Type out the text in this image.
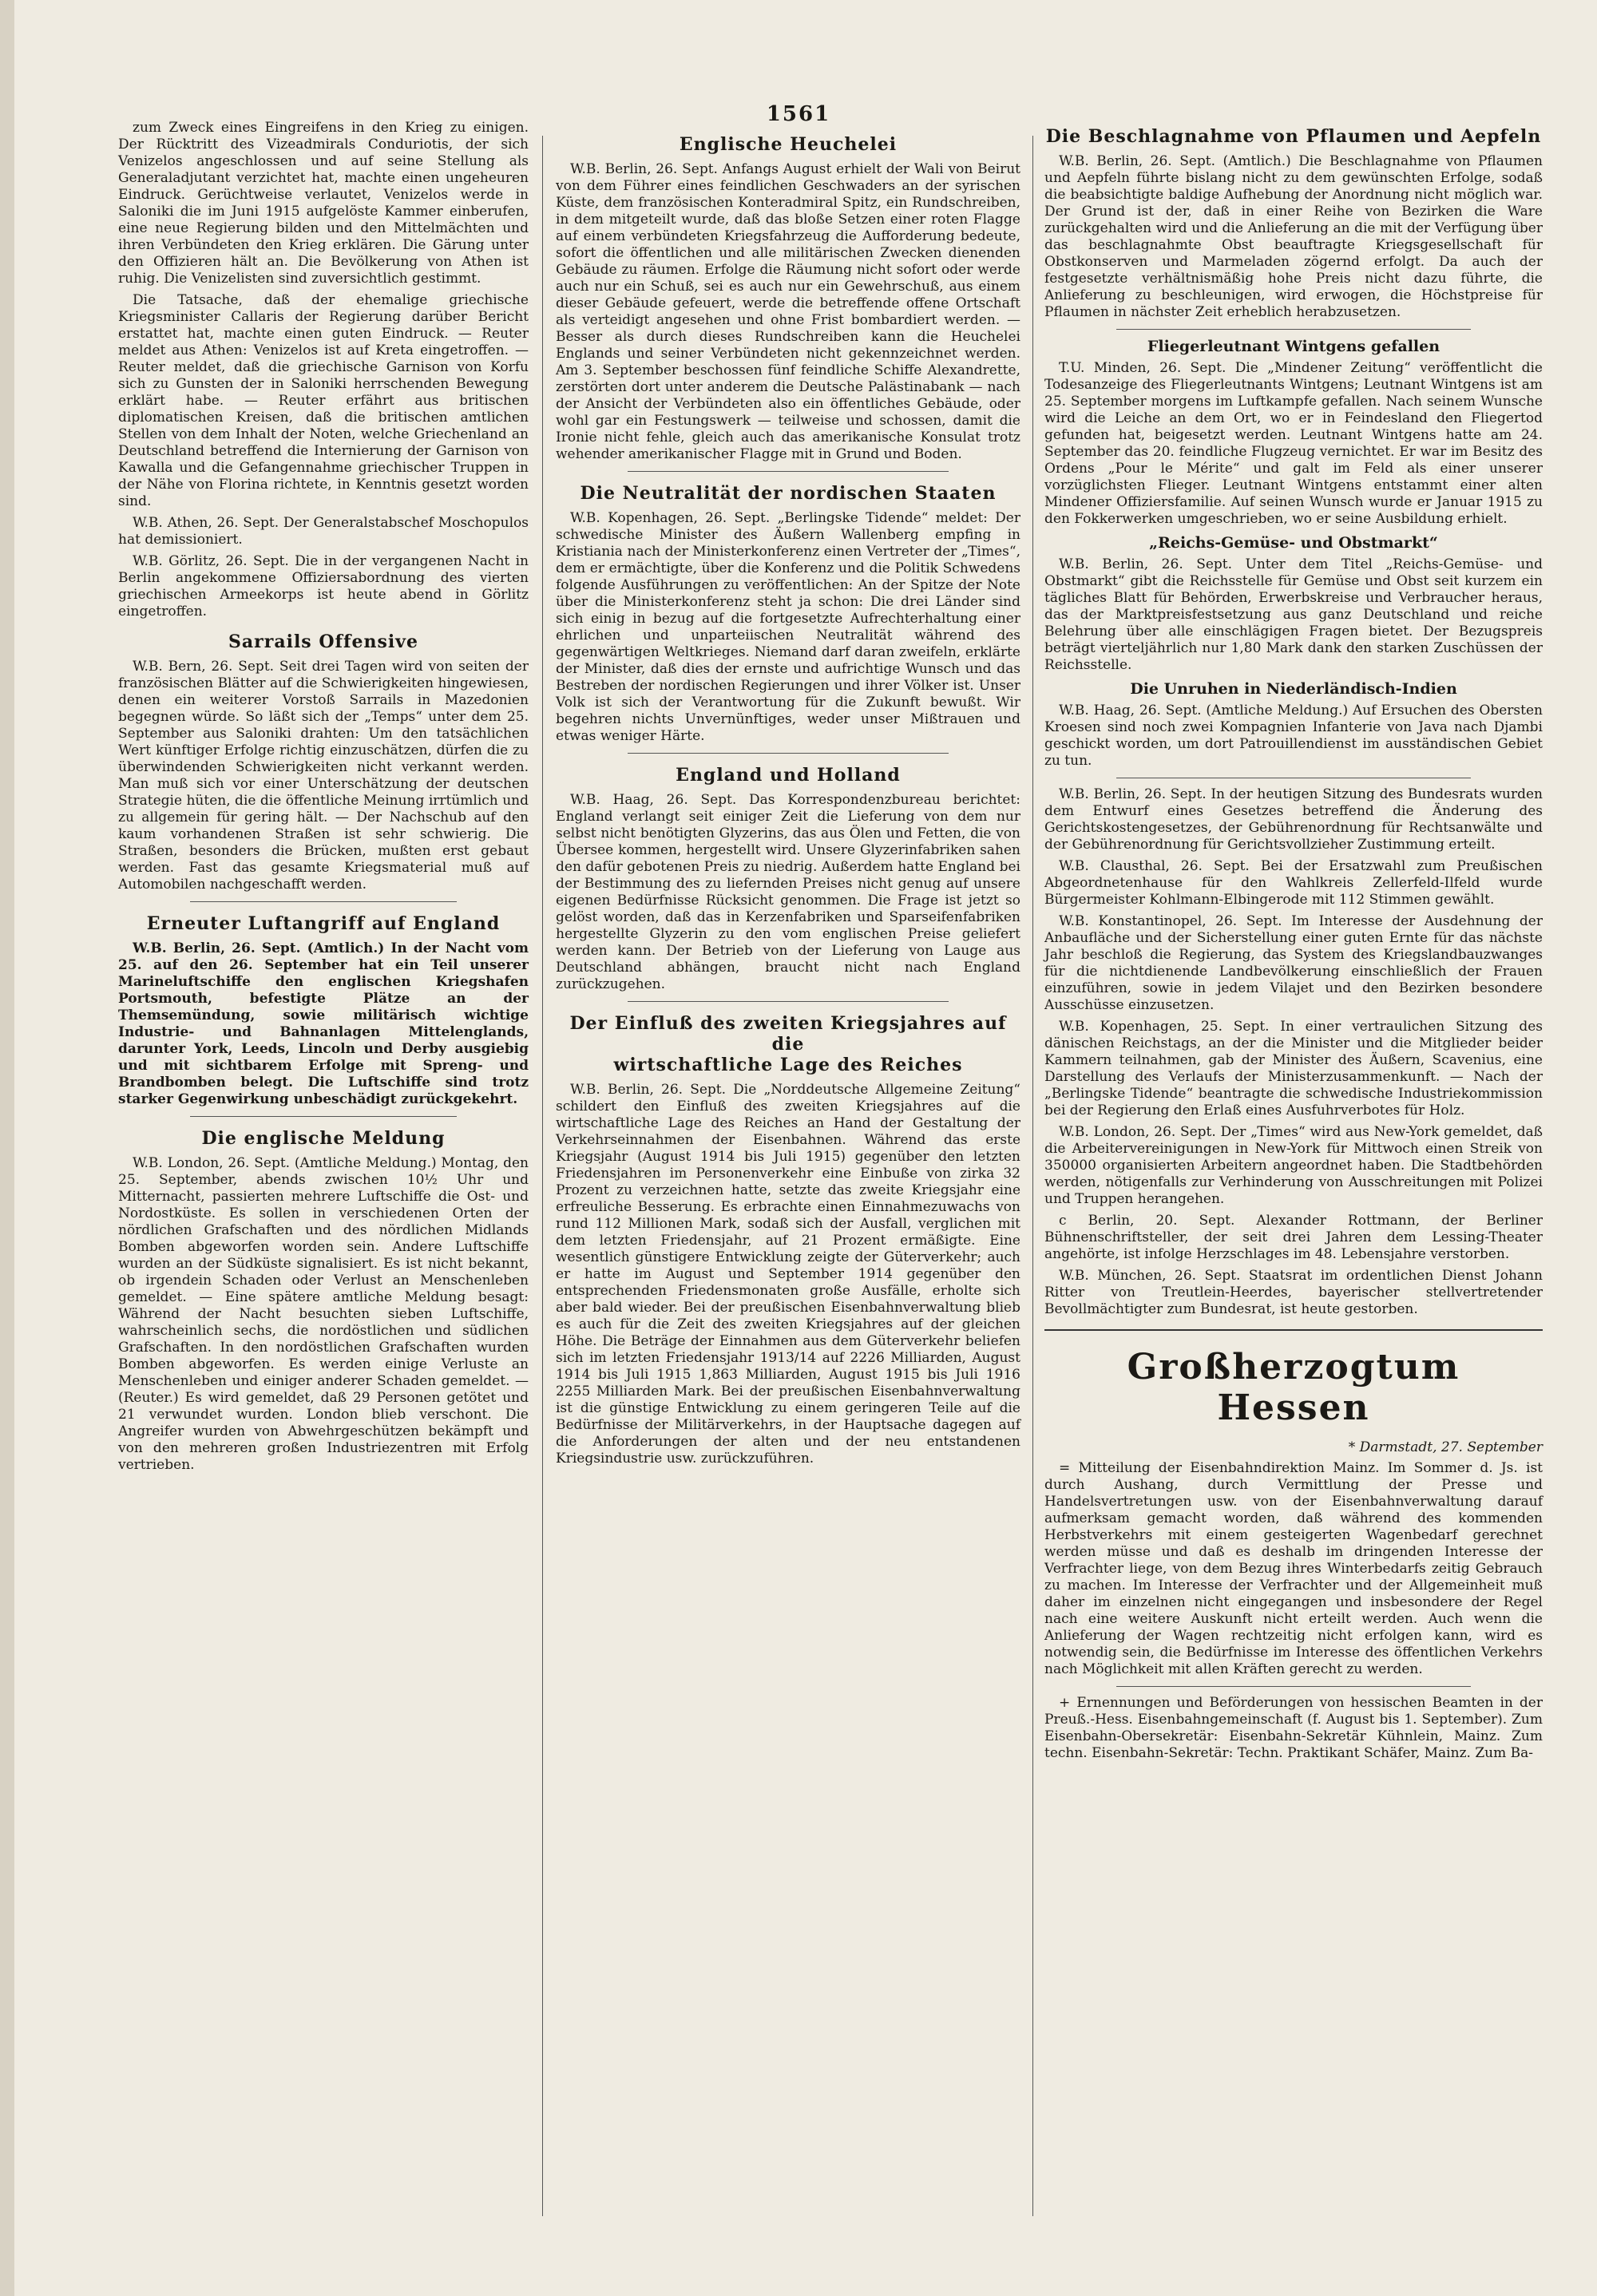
1561

zum Zweck eines Eingreifens in den Krieg zu einigen. Der Rücktritt des Vizeadmirals Condurioti​s, der sich Venizelos angeschlossen und auf seine Stellung als Generaladjutant verzichtet hat, machte einen ungeheuren Eindruck. Gerüchtweise verlautet, Venizelos werde in Saloniki die im Juni 1915 aufgelöste Kammer einberufen, eine neue Regierung bilden und den Mittelmächten und ihren Verbündeten den Krieg erklären. Die Gärung unter den Offizieren hält an. Die Bevölkerung von Athen ist ruhig. Die Venizelisten sind zuversichtlich gestimmt.

Die Tatsache, daß der ehemalige griechische Kriegsminister Callaris der Regierung darüber Bericht erstattet hat, machte einen guten Eindruck. — Reuter meldet aus Athen: Venizelos ist auf Kreta eingetroffen. — Reuter meldet, daß die griechische Garnison von Korfu sich zu Gunsten der in Saloniki herrschenden Bewegung erklärt habe. — Reuter erfährt aus britischen diplomatischen Kreisen, daß die britischen amtlichen Stellen von dem Inhalt der Noten, welche Griechenland an Deutschland betreffend die Internierung der Garnison von Kawalla und die Gefangennahme griechischer Truppen in der Nähe von Florina richtete, in Kenntnis gesetzt worden sind.

W.B. Athen, 26. Sept. Der Generalstabschef Moschopulos hat demissioniert.

W.B. Görlitz, 26. Sept. Die in der vergangenen Nacht in Berlin angekommene Offiziersabordnung des vierten griechischen Armeekorps ist heute abend in Görlitz eingetroffen.

Sarrails Offensive

W.B. Bern, 26. Sept. Seit drei Tagen wird von seiten der französischen Blätter auf die Schwierigkeiten hingewiesen, denen ein weiterer Vorstoß Sarrails in Mazedonien begegnen würde. So läßt sich der „Temps“ unter dem 25. September aus Saloniki drahten: Um den tatsächlichen Wert künftiger Erfolge richtig einzuschätzen, dürfen die zu überwindenden Schwierigkeiten nicht verkannt werden. Man muß sich vor einer Unterschätzung der deutschen Strategie hüten, die die öffentliche Meinung irrtümlich und zu allgemein für gering hält. — Der Nachschub auf den kaum vorhandenen Straßen ist sehr schwierig. Die Straßen, besonders die Brücken, mußten erst gebaut werden. Fast das gesamte Kriegsmaterial muß auf Automobilen nachgeschafft werden.

Erneuter Luftangriff auf England

W.B. Berlin, 26. Sept. (Amtlich.) In der Nacht vom 25. auf den 26. September hat ein Teil unserer Marineluftschiffe den englischen Kriegshafen Portsmouth, befestigte Plätze an der Themsemündung, sowie militärisch wichtige Industrie- und Bahnanlagen Mittelenglands, darunter York, Leeds, Lincoln und Derby ausgiebig und mit sichtbarem Erfolge mit Spreng- und Brandbomben belegt. Die Luftschiffe sind trotz starker Gegenwirkung unbeschädigt zurückgekehrt.

Die englische Meldung

W.B. London, 26. Sept. (Amtliche Meldung.) Montag, den 25. September, abends zwischen 10½ Uhr und Mitternacht, passierten mehrere Luftschiffe die Ost- und Nordostküste. Es sollen in verschiedenen Orten der nördlichen Grafschaften und des nördlichen Midlands Bomben abgeworfen worden sein. Andere Luftschiffe wurden an der Südküste signalisiert. Es ist nicht bekannt, ob irgendein Schaden oder Verlust an Menschenleben gemeldet. — Eine spätere amtliche Meldung besagt: Während der Nacht besuchten sieben Luftschiffe, wahrscheinlich sechs, die nordöstlichen und südlichen Grafschaften. In den nordöstlichen Grafschaften wurden Bomben abgeworfen. Es werden einige Verluste an Menschenleben und einiger anderer Schaden gemeldet. — (Reuter.) Es wird gemeldet, daß 29 Personen getötet und 21 verwundet wurden. London blieb verschont. Die Angreifer wurden von Abwehrgeschützen bekämpft und von den mehreren großen Industriezentren mit Erfolg vertrieben.

Englische Heuchelei

W.B. Berlin, 26. Sept. Anfangs August erhielt der Wali von Beirut von dem Führer eines feindlichen Geschwaders an der syrischen Küste, dem französischen Konteradmiral Spitz, ein Rundschreiben, in dem mitgeteilt wurde, daß das bloße Setzen einer roten Flagge auf einem verbündeten Kriegsfahrzeug die Aufforderung bedeute, sofort die öffentlichen und alle militärischen Zwecken dienenden Gebäude zu räumen. Erfolge die Räumung nicht sofort oder werde auch nur ein Schuß, sei es auch nur ein Gewehrschuß, aus einem dieser Gebäude gefeuert, werde die betreffende offene Ortschaft als verteidigt angesehen und ohne Frist bombardiert werden. — Besser als durch dieses Rundschreiben kann die Heuchelei Englands und seiner Verbündeten nicht gekennzeichnet werden. Am 3. September beschossen fünf feindliche Schiffe Alexandrette, zerstörten dort unter anderem die Deutsche Palästinabank — nach der Ansicht der Verbündeten also ein öffentliches Gebäude, oder wohl gar ein Festungswerk — teilweise und schossen, damit die Ironie nicht fehle, gleich auch das amerikanische Konsulat trotz wehender amerikanischer Flagge mit in Grund und Boden.

Die Neutralität der nordischen Staaten

W.B. Kopenhagen, 26. Sept. „Berlingske Tidende“ meldet: Der schwedische Minister des Äußern Wallenberg empfing in Kristiania nach der Ministerkonferenz einen Vertreter der „Times“, dem er ermächtigte, über die Konferenz und die Politik Schwedens folgende Ausführungen zu veröffentlichen: An der Spitze der Note über die Ministerkonferenz steht ja schon: Die drei Länder sind sich einig in bezug auf die fortgesetzte Aufrechterhaltung einer ehrlichen und unparteiischen Neutralität während des gegenwärtigen Weltkrieges. Niemand darf daran zweifeln, erklärte der Minister, daß dies der ernste und aufrichtige Wunsch und das Bestreben der nordischen Regierungen und ihrer Völker ist. Unser Volk ist sich der Verantwortung für die Zukunft bewußt. Wir begehren nichts Unvernünftiges, weder unser Mißtrauen und etwas weniger Härte.

England und Holland

W.B. Haag, 26. Sept. Das Korrespondenzbureau berichtet: England verlangt seit einiger Zeit die Lieferung von dem nur selbst nicht benötigten Glyzerins, das aus Ölen und Fetten, die von Übersee kommen, hergestellt wird. Unsere Glyzerinfabriken sahen den dafür gebotenen Preis zu niedrig. Außerdem hatte England bei der Bestimmung des zu liefernden Preises nicht genug auf unsere eigenen Bedürfnisse Rücksicht genommen. Die Frage ist jetzt so gelöst worden, daß das in Kerzenfabriken und Sparseifenfabriken hergestellte Glyzerin zu den vom englischen Preise geliefert werden kann. Der Betrieb von der Lieferung von Lauge aus Deutschland abhängen, braucht nicht nach England zurückzugehen.

Der Einfluß des zweiten Kriegsjahres auf die
wirtschaftliche Lage des Reiches

W.B. Berlin, 26. Sept. Die „Norddeutsche Allgemeine Zeitung“ schildert den Einfluß des zweiten Kriegsjahres auf die wirtschaftliche Lage des Reiches an Hand der Gestaltung der Verkehrseinnahmen der Eisenbahnen. Während das erste Kriegsjahr (August 1914 bis Juli 1915) gegenüber den letzten Friedensjahren im Personenverkehr eine Einbuße von zirka 32 Prozent zu verzeichnen hatte, setzte das zweite Kriegsjahr eine erfreuliche Besserung. Es erbrachte einen Einnahmezuwachs von rund 112 Millionen Mark, sodaß sich der Ausfall, verglichen mit dem letzten Friedensjahr, auf 21 Prozent ermäßigte. Eine wesentlich günstigere Entwicklung zeigte der Güterverkehr; auch er hatte im August und September 1914 gegenüber den entsprechenden Friedensmonaten große Ausfälle, erholte sich aber bald wieder. Bei der preußischen Eisenbahnverwaltung blieb es auch für die Zeit des zweiten Kriegsjahres auf der gleichen Höhe. Die Beträge der Einnahmen aus dem Güterverkehr beliefen sich im letzten Friedensjahr 1913/14 auf 2226 Milliarden, August 1914 bis Juli 1915 1,863 Milliarden, August 1915 bis Juli 1916 2255 Milliarden Mark. Bei der preußischen Eisenbahnverwaltung ist die günstige Entwicklung zu einem geringeren Teile auf die Bedürfnisse der Militärverkehrs, in der Hauptsache dagegen auf die Anforderungen der alten und der neu entstandenen Kriegsindustrie usw. zurückzuführen.

Die Beschlagnahme von Pflaumen und Aepfeln

W.B. Berlin, 26. Sept. (Amtlich.) Die Beschlagnahme von Pflaumen und Aepfeln führte bislang nicht zu dem gewünschten Erfolge, sodaß die beabsichtigte baldige Aufhebung der Anordnung nicht möglich war. Der Grund ist der, daß in einer Reihe von Bezirken die Ware zurückgehalten wird und die Anlieferung an die mit der Verfügung über das beschlagnahmte Obst beauftragte Kriegsgesellschaft für Obstkonserven und Marmeladen zögernd erfolgt. Da auch der festgesetzte verhältnismäßig hohe Preis nicht dazu führte, die Anlieferung zu beschleunigen, wird erwogen, die Höchstpreise für Pflaumen in nächster Zeit erheblich herabzusetzen.

Fliegerleutnant Wintgens gefallen

T.U. Minden, 26. Sept. Die „Mindener Zeitung“ veröffentlicht die Todesanzeige des Fliegerleutnants Wintgens; Leutnant Wintgens ist am 25. September morgens im Luftkampfe gefallen. Nach seinem Wunsche wird die Leiche an dem Ort, wo er in Feindesland den Fliegertod gefunden hat, beigesetzt werden. Leutnant Wintgens hatte am 24. September das 20. feindliche Flugzeug vernichtet. Er war im Besitz des Ordens „Pour le Mérite“ und galt im Feld als einer unserer vorzüglichsten Flieger. Leutnant Wintgens entstammt einer alten Mindener Offiziersfamilie. Auf seinen Wunsch wurde er Januar 1915 zu den Fokkerwerken umgeschrieben, wo er seine Ausbildung erhielt.

„Reichs-Gemüse- und Obstmarkt“

W.B. Berlin, 26. Sept. Unter dem Titel „Reichs-Gemüse- und Obstmarkt“ gibt die Reichsstelle für Gemüse und Obst seit kurzem ein tägliches Blatt für Behörden, Erwerbskreise und Verbraucher heraus, das der Marktpreisfestsetzung aus ganz Deutschland und reiche Belehrung über alle einschlägigen Fragen bietet. Der Bezugspreis beträgt vierteljährlich nur 1,80 Mark dank den starken Zuschüssen der Reichsstelle.

Die Unruhen in Niederländisch-Indien

W.B. Haag, 26. Sept. (Amtliche Meldung.) Auf Ersuchen des Obersten Kroesen sind noch zwei Kompagnien Infanterie von Java nach Djambi geschickt worden, um dort Patrouillendienst im ausständischen Gebiet zu tun.

W.B. Berlin, 26. Sept. In der heutigen Sitzung des Bundesrats wurden dem Entwurf eines Gesetzes betreffend die Änderung des Gerichtskostengesetzes, der Gebührenordnung für Rechtsanwälte und der Gebührenordnung für Gerichtsvollzieher Zustimmung erteilt.

W.B. Clausthal, 26. Sept. Bei der Ersatzwahl zum Preußischen Abgeordnetenhause für den Wahlkreis Zellerfeld-Ilfeld wurde Bürgermeister Kohlmann-Elbingerode mit 112 Stimmen gewählt.

W.B. Konstantinopel, 26. Sept. Im Interesse der Ausdehnung der Anbaufläche und der Sicherstellung einer guten Ernte für das nächste Jahr beschloß die Regierung, das System des Kriegslandbauzwanges für die nichtdienende Landbevölkerung einschließlich der Frauen einzuführen, sowie in jedem Vilajet und den Bezirken besondere Ausschüsse einzusetzen.

W.B. Kopenhagen, 25. Sept. In einer vertraulichen Sitzung des dänischen Reichstags, an der die Minister und die Mitglieder beider Kammern teilnahmen, gab der Minister des Äußern, Scavenius, eine Darstellung des Verlaufs der Ministerzusammenkunft. — Nach der „Berlingske Tidende“ beantragte die schwedische Industriekommission bei der Regierung den Erlaß eines Ausfuhrverbotes für Holz.

W.B. London, 26. Sept. Der „Times“ wird aus New-York gemeldet, daß die Arbeitervereinigungen in New-York für Mittwoch einen Streik von 350000 organisierten Arbeitern angeordnet haben. Die Stadtbehörden werden, nötigenfalls zur Verhinderung von Ausschreitungen mit Polizei und Truppen herangehen.

c Berlin, 20. Sept. Alexander Rottmann, der Berliner Bühnenschriftsteller, der seit drei Jahren dem Lessing-Theater angehörte, ist infolge Herzschlages im 48. Lebensjahre verstorben.

W.B. München, 26. Sept. Staatsrat im ordentlichen Dienst Johann Ritter von Treutlein-Heerdes, bayerischer stellvertretender Bevollmächtigter zum Bundesrat, ist heute gestorben.

Großherzogtum Hessen
* Darmstadt, 27. September

= Mitteilung der Eisenbahndirektion Mainz. Im Sommer d. Js. ist durch Aushang, durch Vermittlung der Presse und Handelsvertretungen usw. von der Eisenbahnverwaltung darauf aufmerksam gemacht worden, daß während des kommenden Herbstverkehrs mit einem gesteigerten Wagenbedarf gerechnet werden müsse und daß es deshalb im dringenden Interesse der Verfrachter liege, von dem Bezug ihres Winterbedarfs zeitig Gebrauch zu machen. Im Interesse der Verfrachter und der Allgemeinheit muß daher im einzelnen nicht eingegangen und insbesondere der Regel nach eine weitere Auskunft nicht erteilt werden. Auch wenn die Anlieferung der Wagen rechtzeitig nicht erfolgen kann, wird es notwendig sein, die Bedürfnisse im Interesse des öffentlichen Verkehrs nach Möglichkeit mit allen Kräften gerecht zu werden.

+ Ernennungen und Beförderungen von hessischen Beamten in der Preuß.-Hess. Eisenbahngemeinschaft (f. August bis 1. September). Zum Eisenbahn-Obersekretär: Eisenbahn-Sekretär Kühnlein, Mainz. Zum techn. Eisenbahn-Sekretär: Techn. Praktikant Schäfer, Mainz. Zum Ba‑
